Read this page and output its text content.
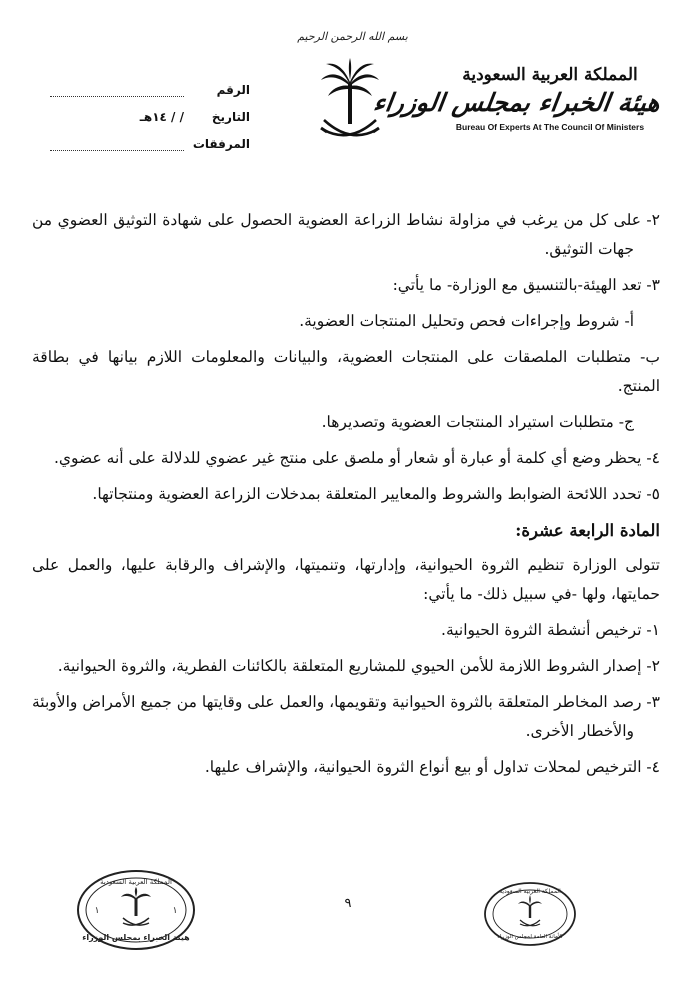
بسم الله الرحمن الرحيم
المملكة العربية السعودية
هيئة الخبراء بمجلس الوزراء
Bureau Of Experts At The Council Of Ministers
الرقم
التاريخ
/ / ١٤هـ
المرفقات

٢- على كل من يرغب في مزاولة نشاط الزراعة العضوية الحصول على شهادة التوثيق العضوي من جهات التوثيق.

٣- تعد الهيئة-بالتنسيق مع الوزارة- ما يأتي:

أ- شروط وإجراءات فحص وتحليل المنتجات العضوية.

ب- متطلبات الملصقات على المنتجات العضوية، والبيانات والمعلومات اللازم بيانها في بطاقة المنتج.

ج- متطلبات استيراد المنتجات العضوية وتصديرها.

٤- يحظر وضع أي كلمة أو عبارة أو شعار أو ملصق على منتج غير عضوي للدلالة على أنه عضوي.

٥- تحدد اللائحة الضوابط والشروط والمعايير المتعلقة بمدخلات الزراعة العضوية ومنتجاتها.

المادة الرابعة عشرة:

تتولى الوزارة تنظيم الثروة الحيوانية، وإدارتها، وتنميتها، والإشراف والرقابة عليها، والعمل على حمايتها، ولها -في سبيل ذلك- ما يأتي:

١- ترخيص أنشطة الثروة الحيوانية.

٢- إصدار الشروط اللازمة للأمن الحيوي للمشاريع المتعلقة بالكائنات الفطرية، والثروة الحيوانية.

٣- رصد المخاطر المتعلقة بالثروة الحيوانية وتقويمها، والعمل على وقايتها من جميع الأمراض والأوبئة والأخطار الأخرى.

٤- الترخيص لمحلات تداول أو بيع أنواع الثروة الحيوانية، والإشراف عليها.

٩
المملكة العربية السعودية
هيئة الخبراء بمجلس الوزراء
١	١
المملكة العربية السعودية
الأمانة العامة لمجلس الوزراء
